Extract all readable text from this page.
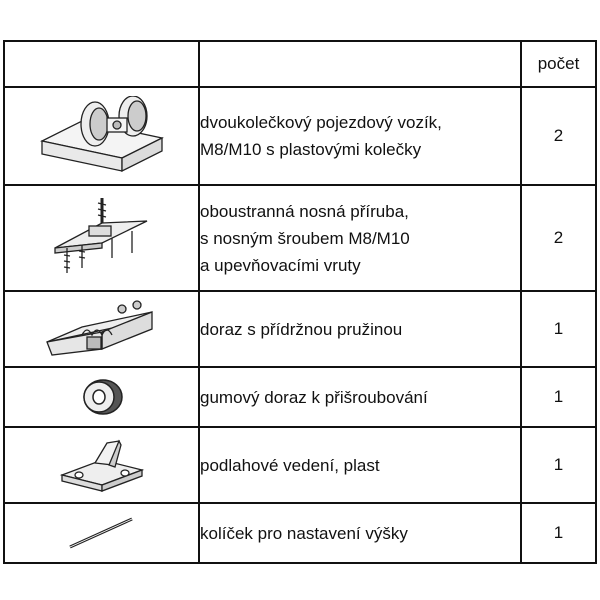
		počet

dvoukolečkový pojezdový vozík,
M8/M10 s plastovými kolečky	2

oboustranná nosná příruba,
s nosným šroubem M8/M10
a upevňovacími vruty	2

doraz s přídržnou pružinou	1

gumový doraz k přišroubování	1

podlahové vedení, plast	1

kolíček pro nastavení výšky	1
